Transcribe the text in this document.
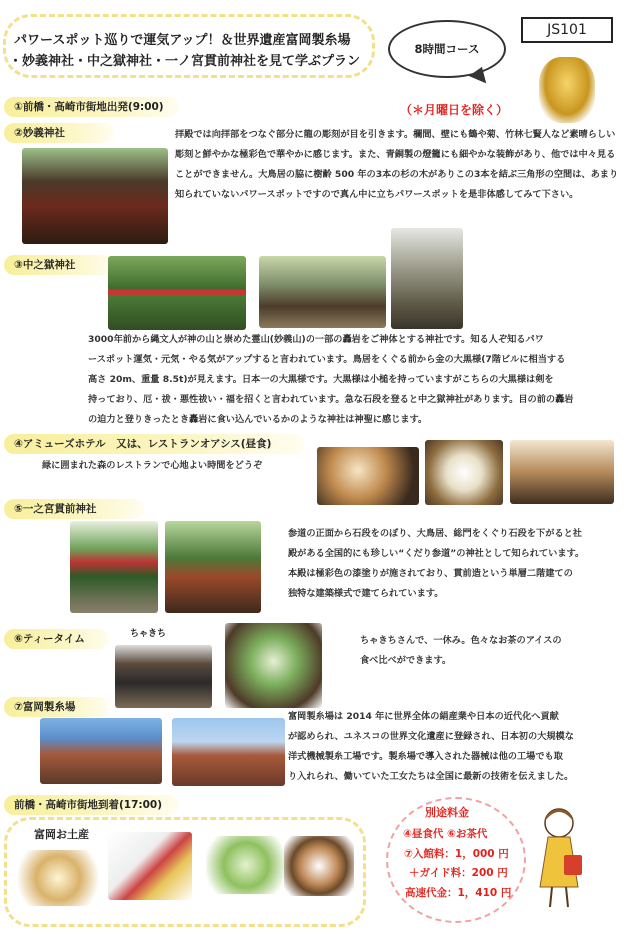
パワースポット巡りで運気アップ！＆世界遺産富岡製糸場
・妙義神社・中之獄神社・一ノ宮貫前神社を見て学ぶプラン
8時間コース
JS101
（＊月曜日を除く）
①前橋・高崎市街地出発(9:00)
②妙義神社	拝殿では向拝部をつなぐ部分に龍の彫刻が目を引きます。欄間、壁にも鶴や菊、竹林七賢人など素晴らしい
彫刻と鮮やかな極彩色で華やかに感じます。また、青銅製の燈籠にも細やかな装飾があり、他では中々見る
ことができません。大鳥居の脇に樹齢 500 年の3本の杉の木がありこの3本を結ぶ三角形の空間は、あまり
知られていないパワースポットですので真ん中に立ちパワースポットを是非体感してみて下さい。
③中之獄神社
3000年前から縄文人が神の山と崇めた霊山(妙義山)の一部の轟岩をご神体とする神社です。知る人ぞ知るパワ
ースポット運気・元気・やる気がアップすると言われています。鳥居をくぐる前から金の大黒様(7階ビルに相当する
高さ 20m、重量 8.5t)が見えます。日本一の大黒様です。大黒様は小槌を持っていますがこちらの大黒様は剣を
持っており、厄・祓・悪性祓い・福を招くと言われています。急な石段を登ると中之獄神社があります。目の前の轟岩
の迫力と登りきったとき轟岩に食い込んでいるかのような神社は神聖に感じます。
④アミューズホテル　又は、レストランオアシス(昼食)
緑に囲まれた森のレストランで心地よい時間をどうぞ
⑤一之宮貫前神社
参道の正面から石段をのぼり、大鳥居、総門をくぐり石段を下がると社
殿がある全国的にも珍しい“くだり参道”の神社として知られています。
本殿は極彩色の漆塗りが施されており、貫前造という単層二階建ての
独特な建築様式で建てられています。
⑥ティータイム	ちゃきち
ちゃきちさんで、一休み。色々なお茶のアイスの
食べ比べができます。
⑦富岡製糸場
富岡製糸場は 2014 年に世界全体の絹産業や日本の近代化へ貢献
が認められ、ユネスコの世界文化遺産に登録され、日本初の大規模な
洋式機械製糸工場です。製糸場で導入された器械は他の工場でも取
り入れられ、働いていた工女たちは全国に最新の技術を伝えました。
前橋・高崎市街地到着(17:00)
富岡お土産
別途料金
④昼食代 ⑥お茶代
⑦入館料：1，000 円
＋ガイド料：200 円
高速代金：1，410 円
